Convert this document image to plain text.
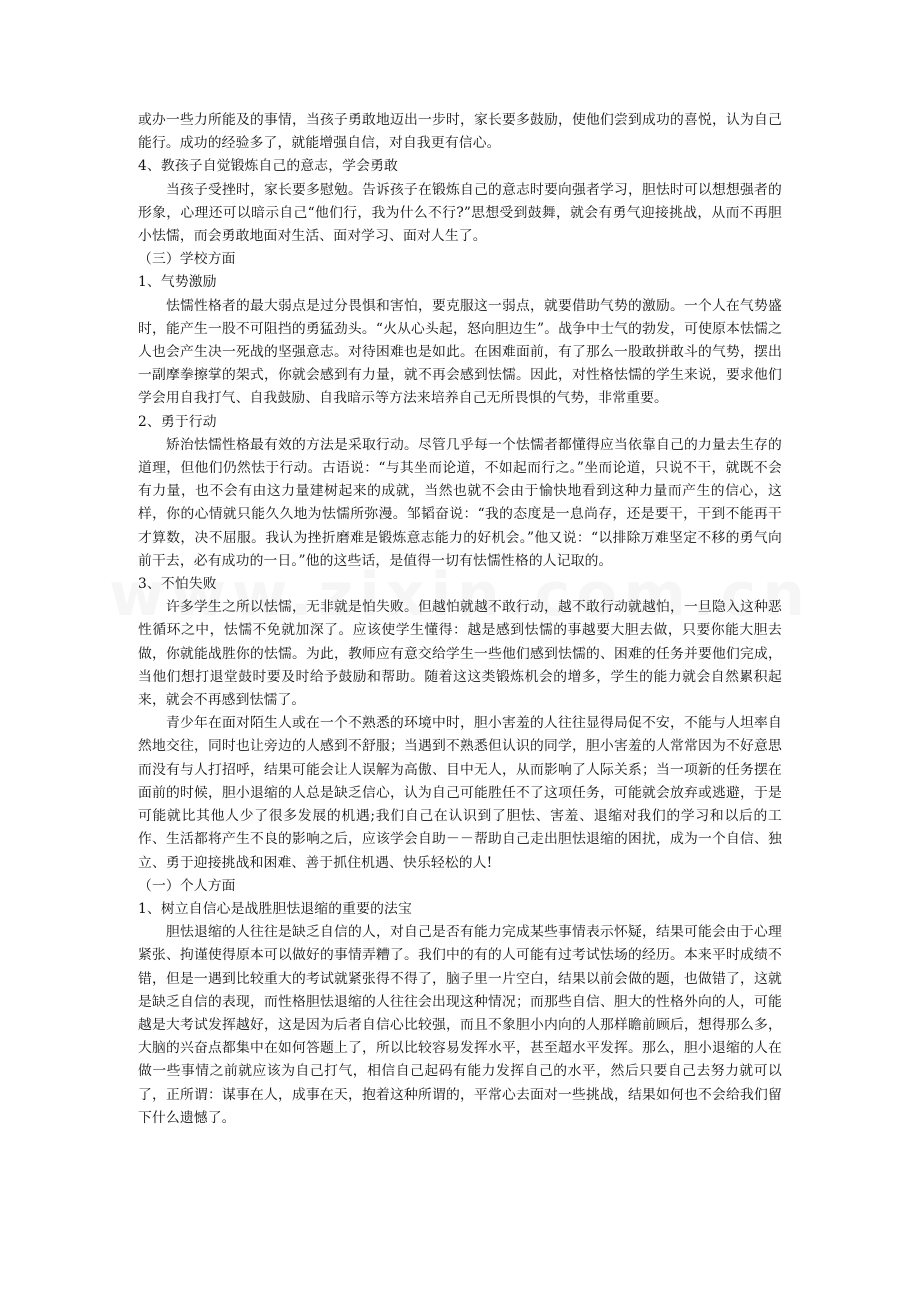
或办一些力所能及的事情，当孩子勇敢地迈出一步时，家长要多鼓励，使他们尝到成功的喜悦，认为自己能行。成功的经验多了，就能增强自信，对自我更有信心。

4、教孩子自觉锻炼自己的意志，学会勇敢

当孩子受挫时，家长要多慰勉。告诉孩子在锻炼自己的意志时要向强者学习，胆怯时可以想想强者的形象，心理还可以暗示自己“他们行，我为什么不行?”思想受到鼓舞，就会有勇气迎接挑战，从而不再胆小怯懦，而会勇敢地面对生活、面对学习、面对人生了。

（三）学校方面

1、气势激励

怯懦性格者的最大弱点是过分畏惧和害怕，要克服这一弱点，就要借助气势的激励。一个人在气势盛时，能产生一股不可阻挡的勇猛劲头。“火从心头起，怒向胆边生”。战争中士气的勃发，可使原本怯懦之人也会产生决一死战的坚强意志。对待困难也是如此。在困难面前，有了那么一股敢拼敢斗的气势，摆出一副摩拳擦掌的架式，你就会感到有力量，就不再会感到怯懦。因此，对性格怯懦的学生来说，要求他们学会用自我打气、自我鼓励、自我暗示等方法来培养自己无所畏惧的气势，非常重要。

2、勇于行动

矫治怯懦性格最有效的方法是采取行动。尽管几乎每一个怯懦者都懂得应当依靠自己的力量去生存的道理，但他们仍然怯于行动。古语说：“与其坐而论道，不如起而行之。”坐而论道，只说不干，就既不会有力量，也不会有由这力量建树起来的成就，当然也就不会由于愉快地看到这种力量而产生的信心，这样，你的心情就只能久久地为怯懦所弥漫。邹韬奋说：“我的态度是一息尚存，还是要干，干到不能再干才算数，决不屈服。我认为挫折磨难是锻炼意志能力的好机会。”他又说：“以排除万难坚定不移的勇气向前干去，必有成功的一日。”他的这些话，是值得一切有怯懦性格的人记取的。

3、不怕失败

许多学生之所以怯懦，无非就是怕失败。但越怕就越不敢行动，越不敢行动就越怕，一旦隐入这种恶性循环之中，怯懦不免就加深了。应该使学生懂得：越是感到怯懦的事越要大胆去做，只要你能大胆去做，你就能战胜你的怯懦。为此，教师应有意交给学生一些他们感到怯懦的、困难的任务并要他们完成，当他们想打退堂鼓时要及时给予鼓励和帮助。随着这这类锻炼机会的增多，学生的能力就会自然累积起来，就会不再感到怯懦了。

青少年在面对陌生人或在一个不熟悉的环境中时，胆小害羞的人往往显得局促不安，不能与人坦率自然地交往，同时也让旁边的人感到不舒服；当遇到不熟悉但认识的同学，胆小害羞的人常常因为不好意思而没有与人打招呼，结果可能会让人误解为高傲、目中无人，从而影响了人际关系；当一项新的任务摆在面前的时候，胆小退缩的人总是缺乏信心，认为自己可能胜任不了这项任务，可能就会放弃或逃避，于是可能就比其他人少了很多发展的机遇;我们自己在认识到了胆怯、害羞、退缩对我们的学习和以后的工作、生活都将产生不良的影响之后，应该学会自助－－帮助自己走出胆怯退缩的困扰，成为一个自信、独立、勇于迎接挑战和困难、善于抓住机遇、快乐轻松的人!

（一）个人方面

1、树立自信心是战胜胆怯退缩的重要的法宝

胆怯退缩的人往往是缺乏自信的人，对自己是否有能力完成某些事情表示怀疑，结果可能会由于心理紧张、拘谨使得原本可以做好的事情弄糟了。我们中的有的人可能有过考试怯场的经历。本来平时成绩不错，但是一遇到比较重大的考试就紧张得不得了，脑子里一片空白，结果以前会做的题，也做错了，这就是缺乏自信的表现，而性格胆怯退缩的人往往会出现这种情况；而那些自信、胆大的性格外向的人，可能越是大考试发挥越好，这是因为后者自信心比较强，而且不象胆小内向的人那样瞻前顾后，想得那么多，大脑的兴奋点都集中在如何答题上了，所以比较容易发挥水平，甚至超水平发挥。那么，胆小退缩的人在做一些事情之前就应该为自己打气，相信自己起码有能力发挥自己的水平，然后只要自己去努力就可以了，正所谓：谋事在人，成事在天，抱着这种所谓的，平常心去面对一些挑战，结果如何也不会给我们留下什么遗憾了。
